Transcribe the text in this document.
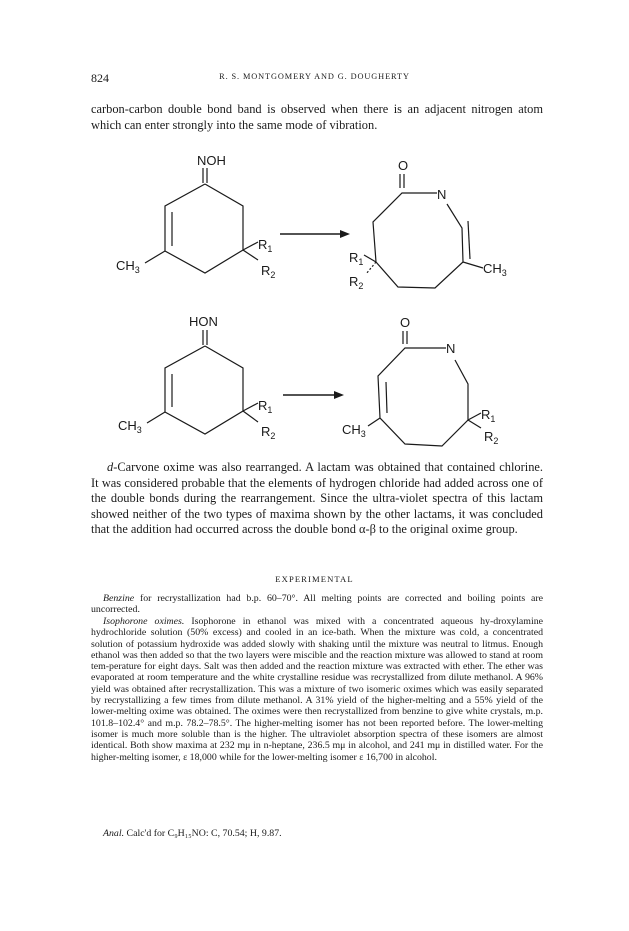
824	R. S. MONTGOMERY AND G. DOUGHERTY

carbon-carbon double bond band is observed when there is an adjacent nitrogen atom which can enter strongly into the same mode of vibration.

NOH
$CH_3$
$R_1$
$R_2$
O
N
$CH_3$
$R_1$
$R_2$
HON
$CH_3$
$R_1$
$R_2$
O
N
$CH_3$
$R_1$
$R_2$

d-Carvone oxime was also rearranged. A lactam was obtained that contained chlorine. It was considered probable that the elements of hydrogen chloride had added across one of the double bonds during the rearrangement. Since the ultra-violet spectra of this lactam showed neither of the two types of maxima shown by the other lactams, it was concluded that the addition had occurred across the double bond α-β to the original oxime group.

EXPERIMENTAL

Benzine for recrystallization had b.p. 60–70°. All melting points are corrected and boiling points are uncorrected.

Isophorone oximes. Isophorone in ethanol was mixed with a concentrated aqueous hy-droxylamine hydrochloride solution (50% excess) and cooled in an ice-bath. When the mixture was cold, a concentrated solution of potassium hydroxide was added slowly with shaking until the mixture was neutral to litmus. Enough ethanol was then added so that the two layers were miscible and the reaction mixture was allowed to stand at room tem-perature for eight days. Salt was then added and the reaction mixture was extracted with ether. The ether was evaporated at room temperature and the white crystalline residue was recrystallized from dilute methanol. A 96% yield was obtained after recrystallization. This was a mixture of two isomeric oximes which was easily separated by recrystallizing a few times from dilute methanol. A 31% yield of the higher-melting and a 55% yield of the lower-melting oxime was obtained. The oximes were then recrystallized from benzine to give white crystals, m.p. 101.8–102.4° and m.p. 78.2–78.5°. The higher-melting isomer has not been reported before. The lower-melting isomer is much more soluble than is the higher. The ultraviolet absorption spectra of these isomers are almost identical. Both show maxima at 232 mμ in n-heptane, 236.5 mμ in alcohol, and 241 mμ in distilled water. For the higher-melting isomer, ε 18,000 while for the lower-melting isomer ε 16,700 in alcohol.

Anal. Calc'd for C₉H₁₅NO: C, 70.54; H, 9.87.
